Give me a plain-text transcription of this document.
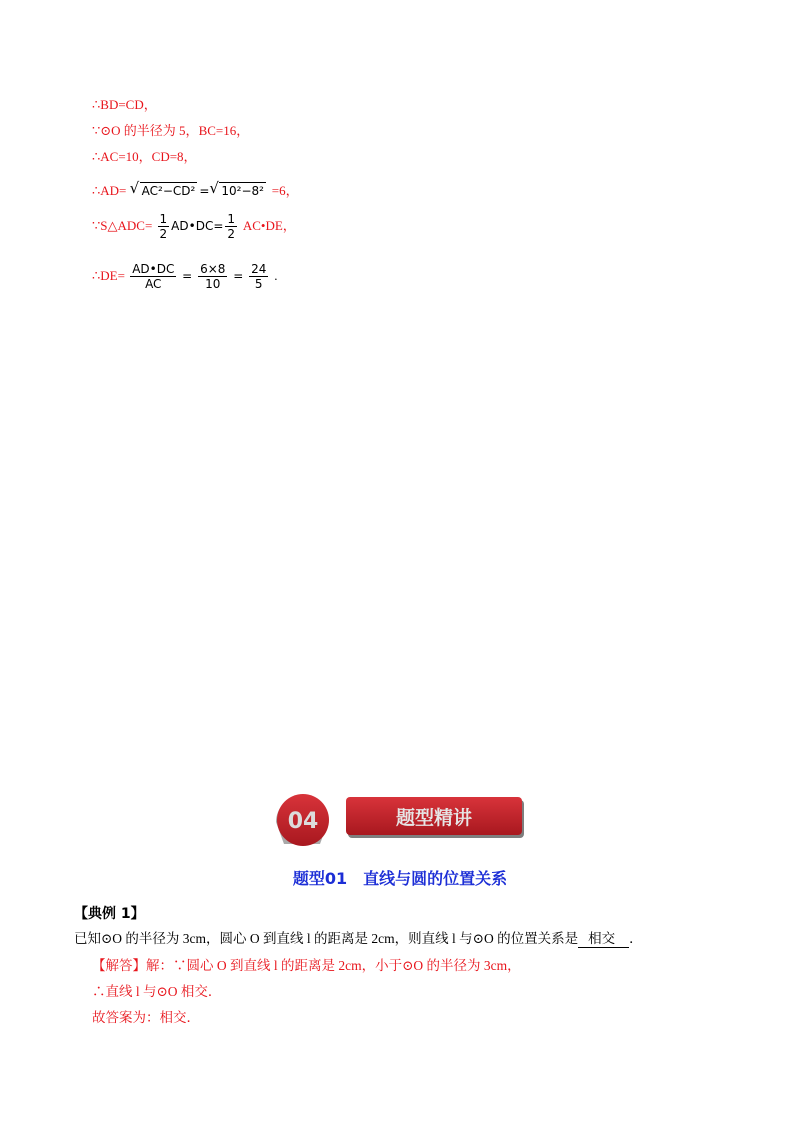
∴BD=CD，
∵⊙O 的半径为 5，BC=16，
∴AC=10，CD=8，
∴AD= √ AC²−CD² = √ 10²−8² =6，
∵S△ADC= $\frac{1}{2}$ AD•DC= $\frac{1}{2}$ AC•DE，
∴DE= $\frac{AD•DC}{AC} = \frac{6\times 8}{10} = \frac{24}{5}$ .
04	题型精讲
题型01　直线与圆的位置关系
【典例 1】
已知⊙O 的半径为 3cm，圆心 O 到直线 l 的距离是 2cm，则直线 l 与⊙O 的位置关系是 相交 ．
【解答】解：∵圆心 O 到直线 l 的距离是 2cm，小于⊙O 的半径为 3cm，
∴直线 l 与⊙O 相交．
故答案为：相交．
